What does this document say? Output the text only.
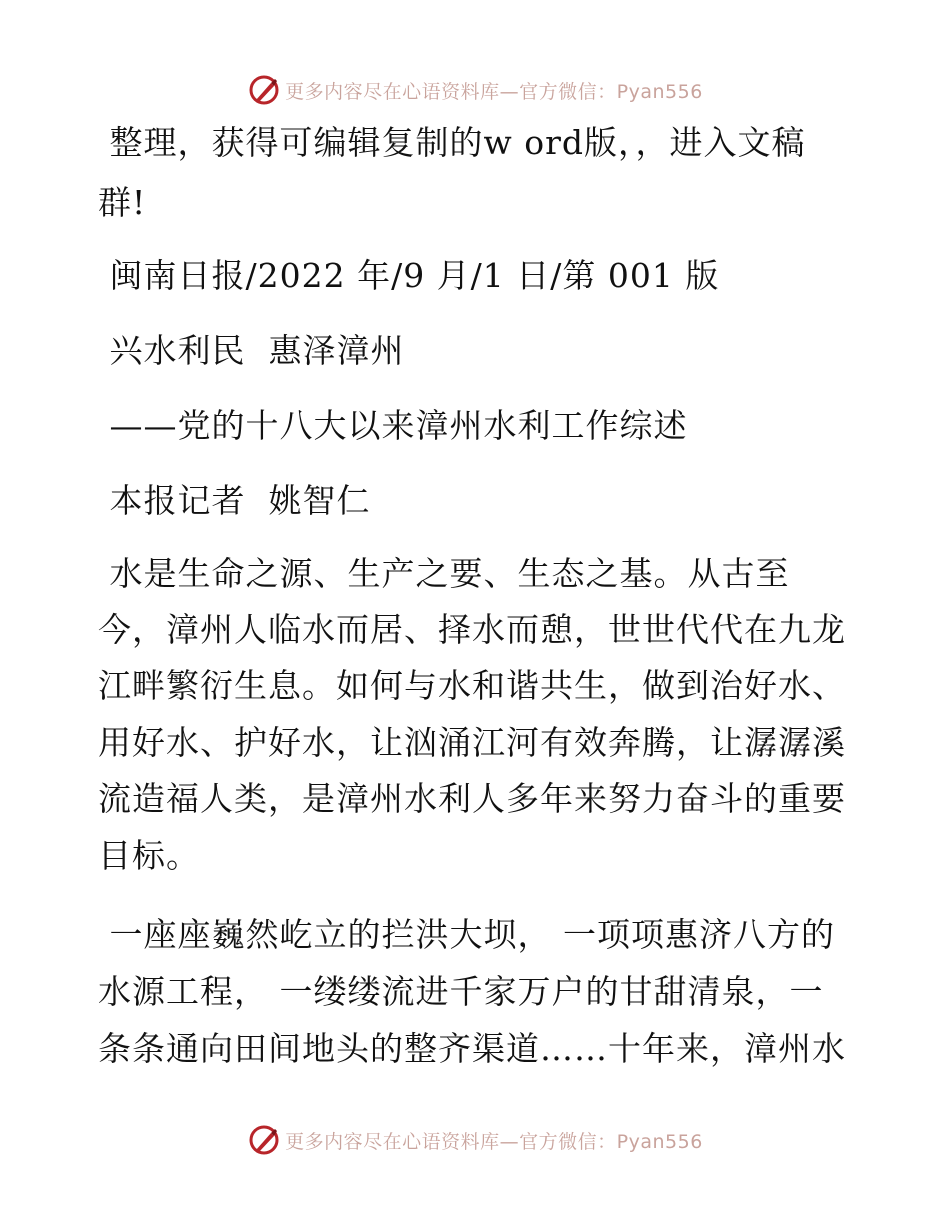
更多内容尽在心语资料库—官方微信：Pyan556
整理，获得可编辑复制的w ord版，，进入文稿
群!
闽南日报/2022 年/9 月/1 日/第 001 版
兴水利民  惠泽漳州
——党的十八大以来漳州水利工作综述
本报记者  姚智仁
水是生命之源、生产之要、生态之基。从古至
今，漳州人临水而居、择水而憩，世世代代在九龙
江畔繁衍生息。如何与水和谐共生，做到治好水、
用好水、护好水，让汹涌江河有效奔腾，让潺潺溪
流造福人类，是漳州水利人多年来努力奋斗的重要
目标。
一座座巍然屹立的拦洪大坝， 一项项惠济八方的
水源工程， 一缕缕流进千家万户的甘甜清泉，一
条条通向田间地头的整齐渠道……十年来，漳州水
更多内容尽在心语资料库—官方微信：Pyan556
